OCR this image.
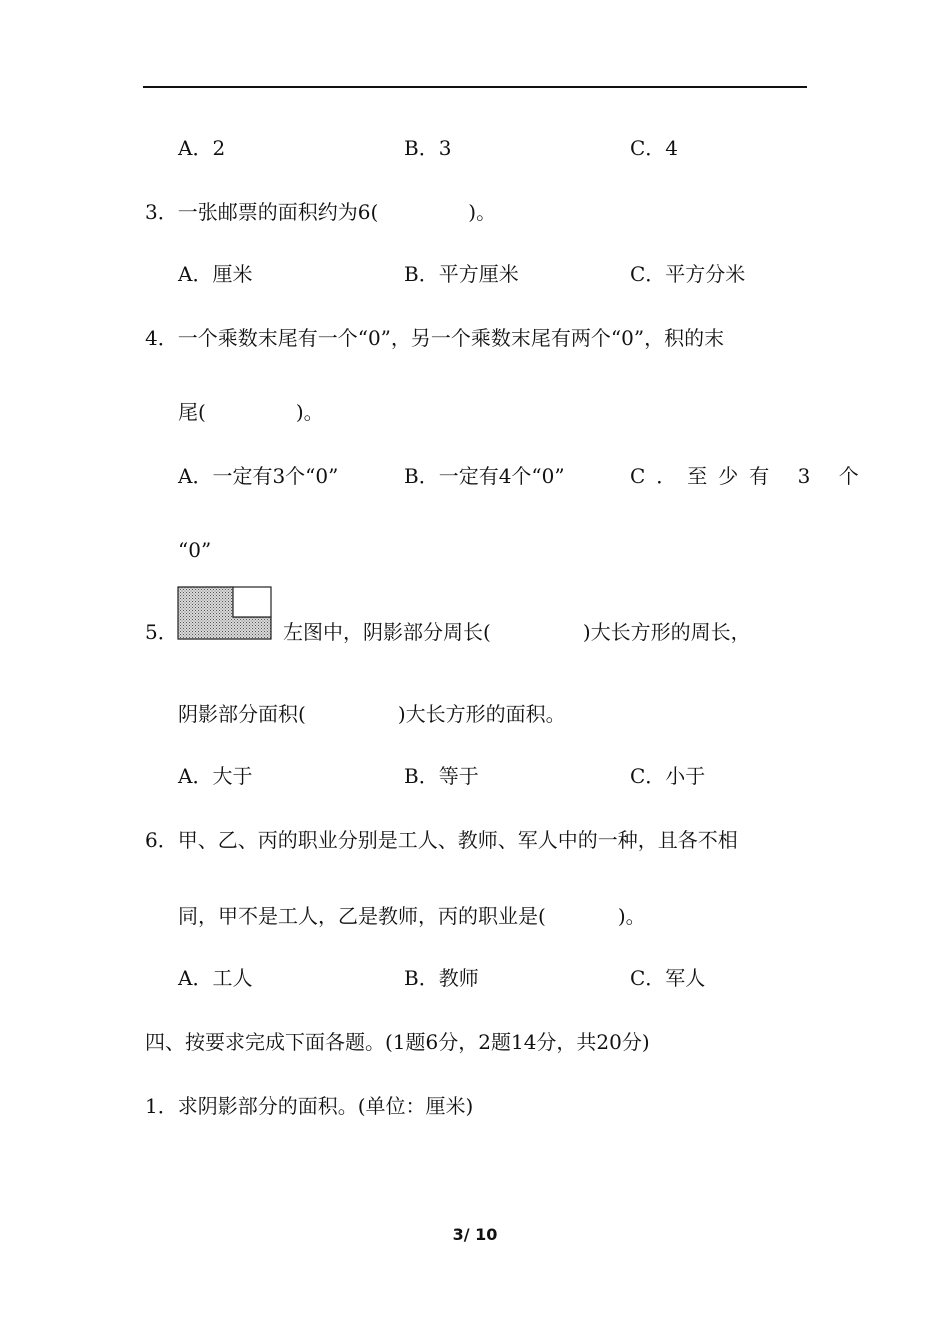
A．2	B．3	C．4
3．一张邮票的面积约为6(	)。
A．厘米	B．平方厘米	C．平方分米
4．一个乘数末尾有一个“0”，另一个乘数末尾有两个“0”，积的末
尾(	)。
A．一定有3个“0”	B．一定有4个“0”	C．至少有 3 个
“0”
5．	左图中，阴影部分周长(	)大长方形的周长，
阴影部分面积(	)大长方形的面积。
A．大于	B．等于	C．小于
6．甲、乙、丙的职业分别是工人、教师、军人中的一种，且各不相
同，甲不是工人，乙是教师，丙的职业是(	)。
A．工人	B．教师	C．军人
四、按要求完成下面各题。(1题6分，2题14分，共20分)
1．求阴影部分的面积。(单位：厘米)
3/ 10
